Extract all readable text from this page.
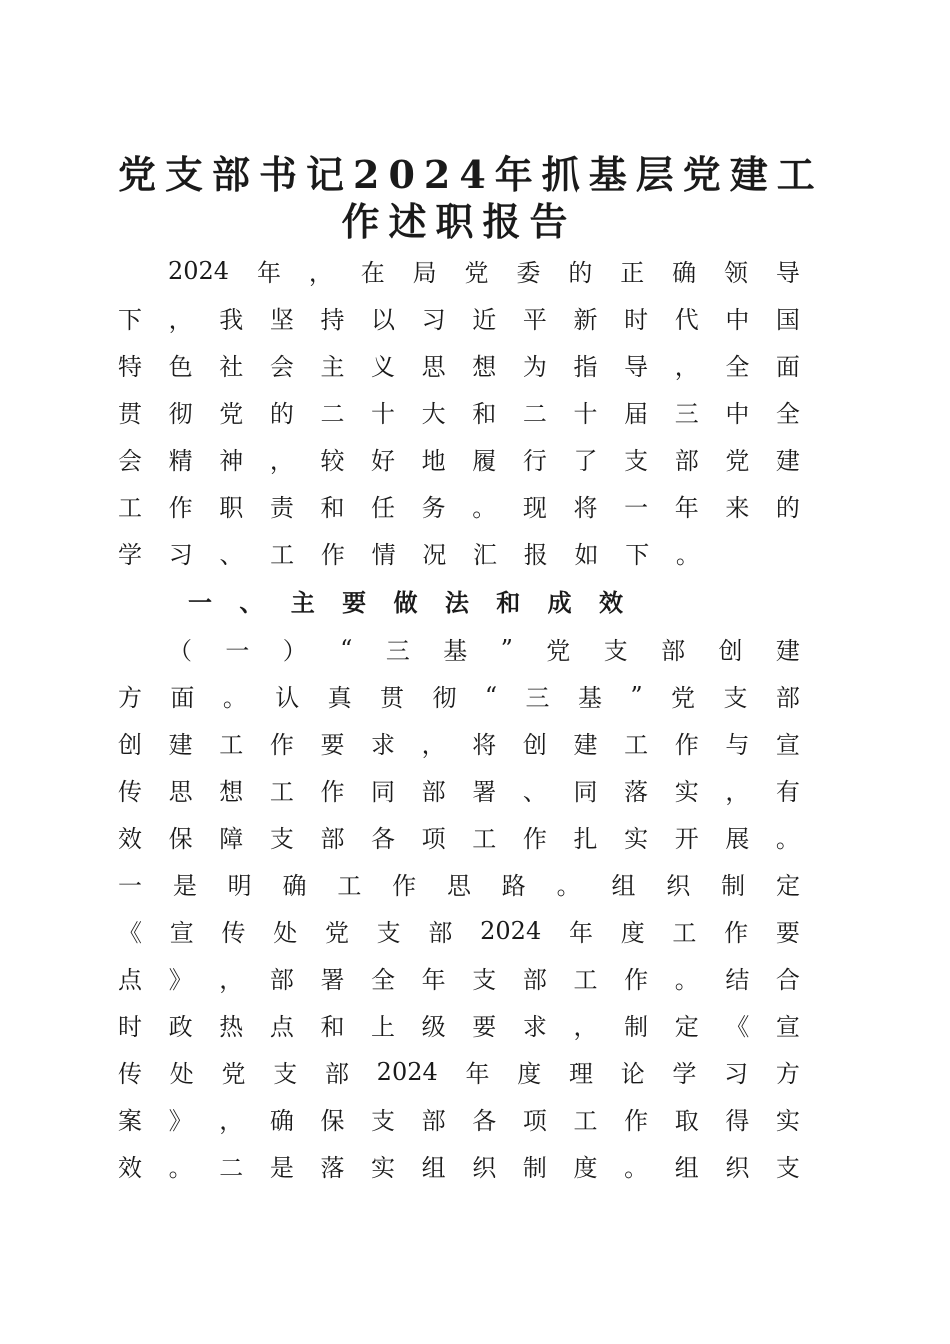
党支部书记2024年抓基层党建工
作述职报告
2024 年 ， 在 局 党 委 的 正 确 领 导
下 ， 我 坚 持 以 习 近 平 新 时 代 中 国
特 色 社 会 主 义 思 想 为 指 导 ， 全 面
贯 彻 党 的 二 十 大 和 二 十 届 三 中 全
会 精 神 ， 较 好 地 履 行 了 支 部 党 建
工 作 职 责 和 任 务 。 现 将 一 年 来 的
学 习 、 工 作 情 况 汇 报 如 下 。
一 、 主 要 做 法 和 成 效
（ 一 ） “ 三 基 ” 党 支 部 创 建
方 面 。 认 真 贯 彻 “ 三 基 ” 党 支 部
创 建 工 作 要 求 ， 将 创 建 工 作 与 宣
传 思 想 工 作 同 部 署 、 同 落 实 ， 有
效 保 障 支 部 各 项 工 作 扎 实 开 展 。
一 是 明 确 工 作 思 路 。 组 织 制 定
《 宣 传 处 党 支 部 2024 年 度 工 作 要
点 》 ， 部 署 全 年 支 部 工 作 。 结 合
时 政 热 点 和 上 级 要 求 ， 制 定 《 宣
传 处 党 支 部 2024 年 度 理 论 学 习 方
案 》 ， 确 保 支 部 各 项 工 作 取 得 实
效 。 二 是 落 实 组 织 制 度 。 组 织 支
